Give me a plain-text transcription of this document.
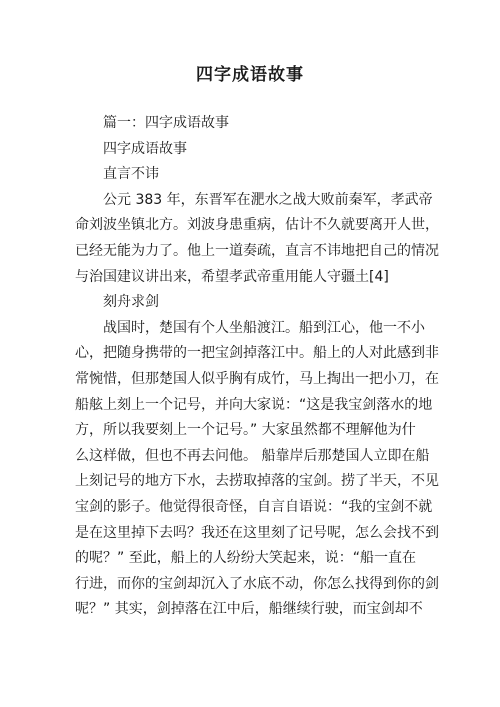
四字成语故事
篇一：四字成语故事
四字成语故事
直言不讳
公元 383 年，东晋军在淝水之战大败前秦军，孝武帝
命刘波坐镇北方。刘波身患重病，估计不久就要离开人世，
已经无能为力了。他上一道奏疏，直言不讳地把自己的情况
与治国建议讲出来，希望孝武帝重用能人守疆土[4]
刻舟求剑
战国时，楚国有个人坐船渡江。船到江心，他一不小
心，把随身携带的一把宝剑掉落江中。船上的人对此感到非
常惋惜，但那楚国人似乎胸有成竹，马上掏出一把小刀，在
船舷上刻上一个记号，并向大家说：“这是我宝剑落水的地
方，所以我要刻上一个记号。” 大家虽然都不理解他为什
么这样做，但也不再去问他。 船靠岸后那楚国人立即在船
上刻记号的地方下水，去捞取掉落的宝剑。捞了半天，不见
宝剑的影子。他觉得很奇怪，自言自语说：“我的宝剑不就
是在这里掉下去吗？我还在这里刻了记号呢，怎么会找不到
的呢？” 至此，船上的人纷纷大笑起来，说：“船一直在
行进，而你的宝剑却沉入了水底不动，你怎么找得到你的剑
呢？” 其实，剑掉落在江中后，船继续行驶，而宝剑却不
